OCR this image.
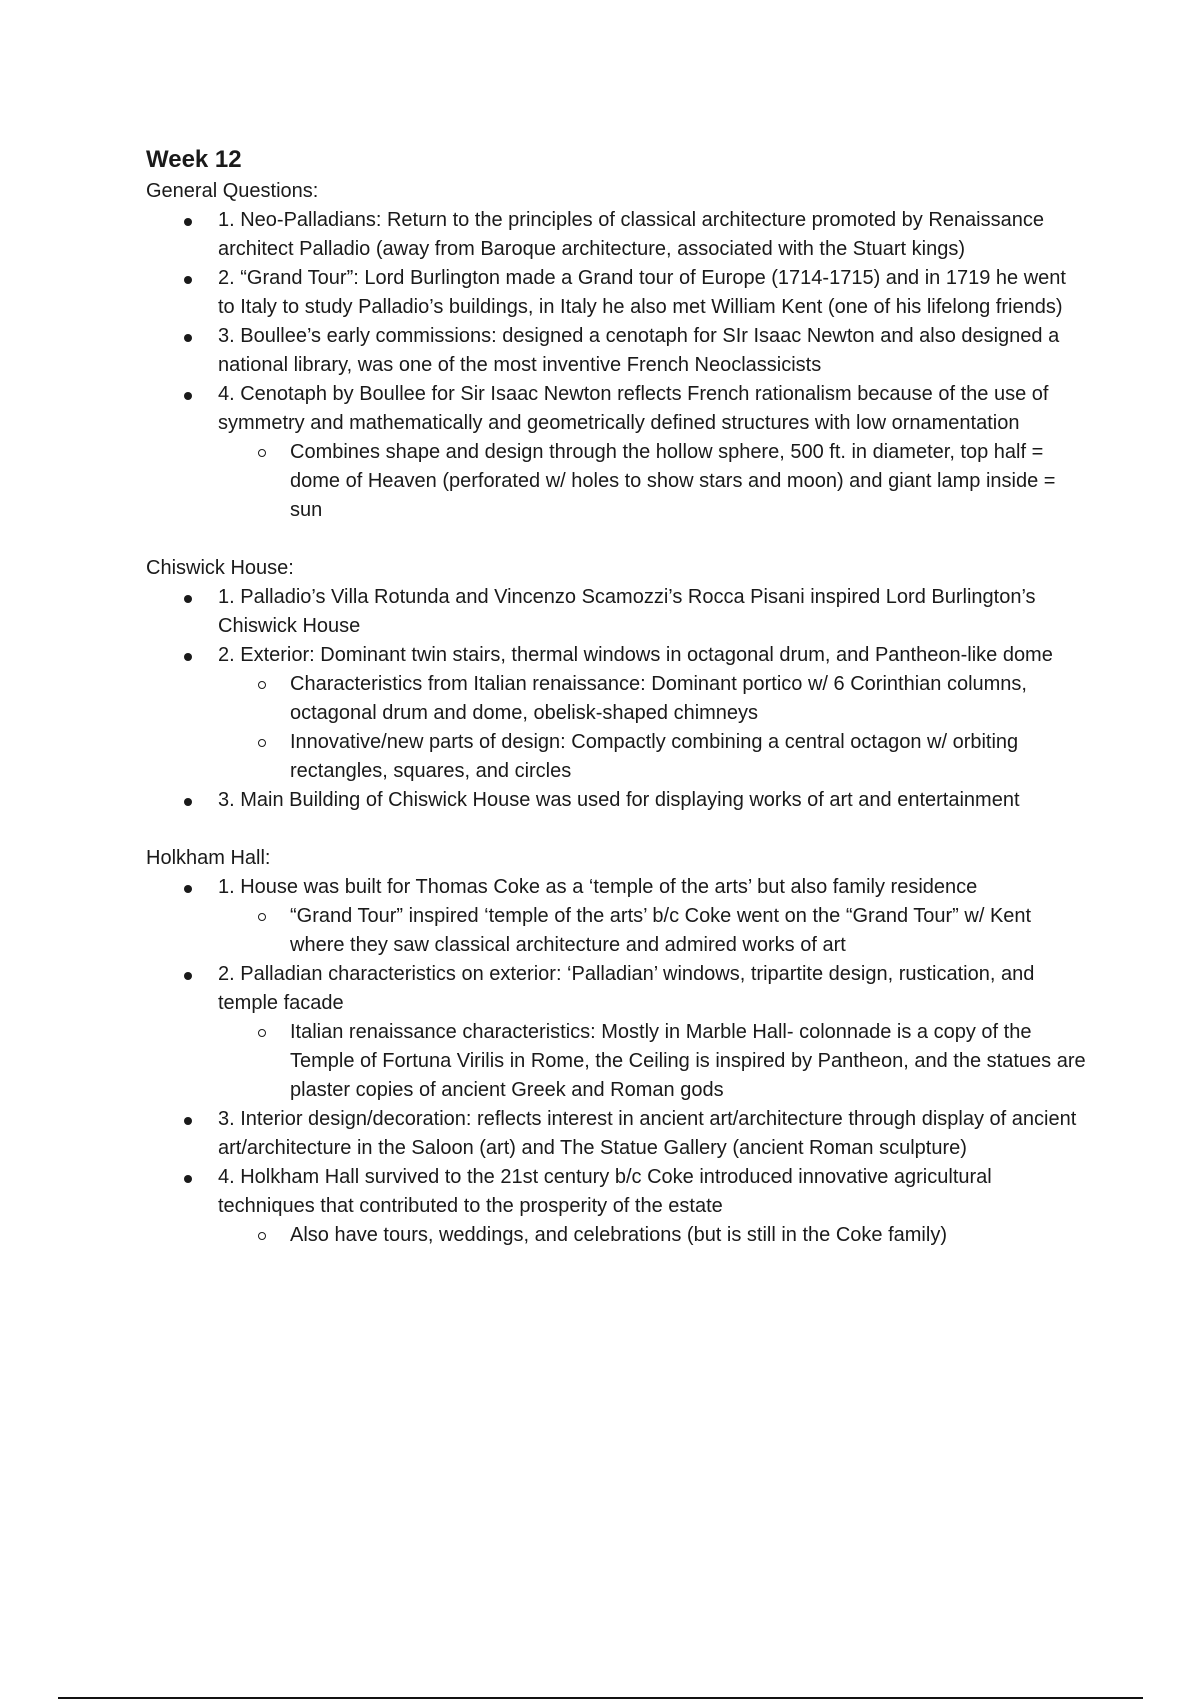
Week 12

General Questions:

1. Neo-Palladians: Return to the principles of classical architecture promoted by Renaissance architect Palladio (away from Baroque architecture, associated with the Stuart kings)
2. “Grand Tour”: Lord Burlington made a Grand tour of Europe (1714-1715) and in 1719 he went to Italy to study Palladio’s buildings, in Italy he also met William Kent (one of his lifelong friends)
3. Boullee’s early commissions: designed a cenotaph for SIr Isaac Newton and also designed a national library, was one of the most inventive French Neoclassicists
4. Cenotaph by Boullee for Sir Isaac Newton reflects French rationalism because of the use of symmetry and mathematically and geometrically defined structures with low ornamentation
Combines shape and design through the hollow sphere, 500 ft. in diameter, top half = dome of Heaven (perforated w/ holes to show stars and moon) and giant lamp inside = sun

Chiswick House:

1. Palladio’s Villa Rotunda and Vincenzo Scamozzi’s Rocca Pisani inspired Lord Burlington’s Chiswick House
2. Exterior: Dominant twin stairs, thermal windows in octagonal drum, and Pantheon-like dome
Characteristics from Italian renaissance: Dominant portico w/ 6 Corinthian columns, octagonal drum and dome, obelisk-shaped chimneys
Innovative/new parts of design: Compactly combining a central octagon w/ orbiting rectangles, squares, and circles
3. Main Building of Chiswick House was used for displaying works of art and entertainment

Holkham Hall:

1. House was built for Thomas Coke as a ‘temple of the arts’ but also family residence
“Grand Tour” inspired ‘temple of the arts’ b/c Coke went on the “Grand Tour” w/ Kent where they saw classical architecture and admired works of art
2. Palladian characteristics on exterior: ‘Palladian’ windows, tripartite design, rustication, and temple facade
Italian renaissance characteristics: Mostly in Marble Hall- colonnade is a copy of the Temple of Fortuna Virilis in Rome, the Ceiling is inspired by Pantheon, and the statues are plaster copies of ancient Greek and Roman gods
3. Interior design/decoration: reflects interest in ancient art/architecture through display of ancient art/architecture in the Saloon (art) and The Statue Gallery (ancient Roman sculpture)
4. Holkham Hall survived to the 21st century b/c Coke introduced innovative agricultural techniques that contributed to the prosperity of the estate
Also have tours, weddings, and celebrations (but is still in the Coke family)
